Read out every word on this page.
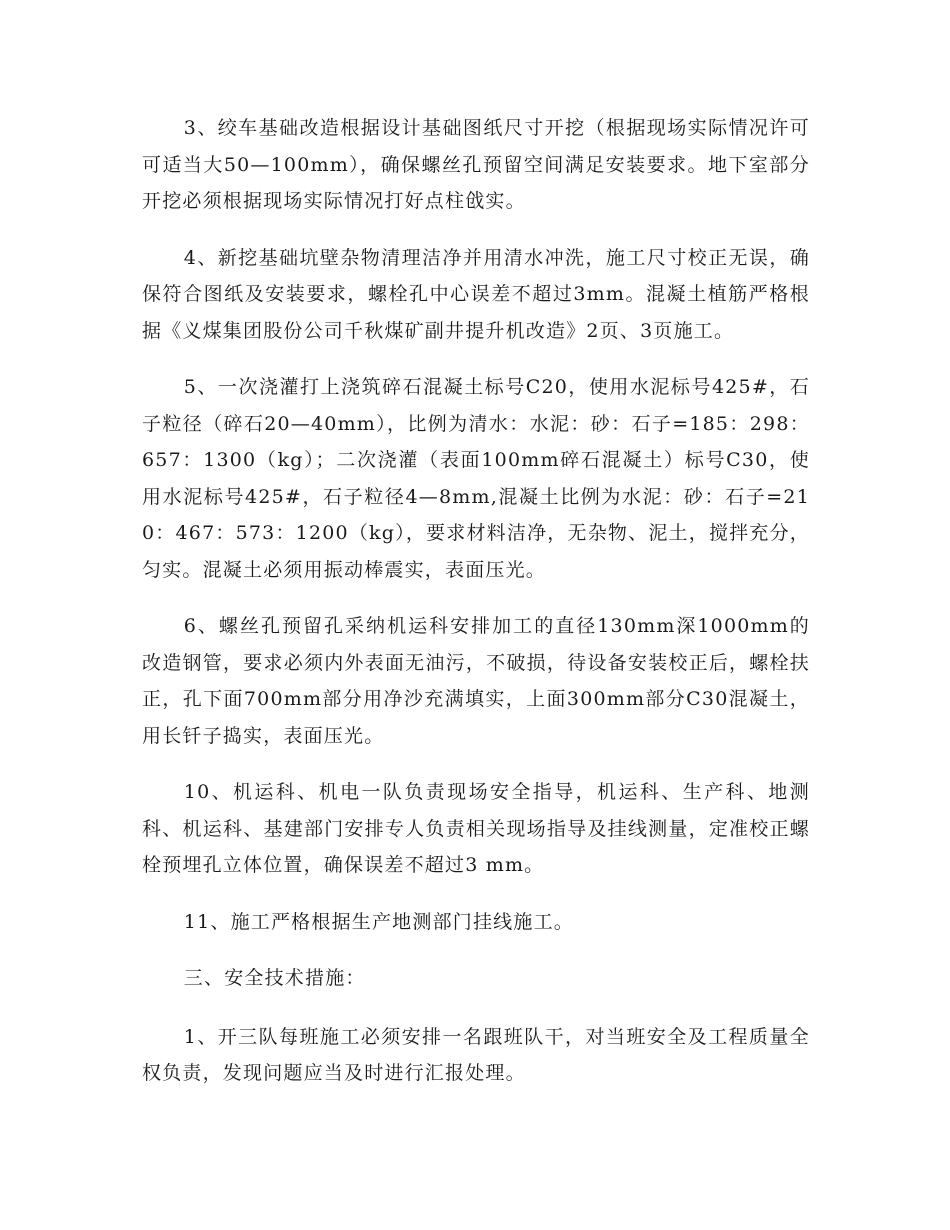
3、绞车基础改造根据设计基础图纸尺寸开挖（根据现场实际情况许可可适当大50—100mm），确保螺丝孔预留空间满足安装要求。地下室部分开挖必须根据现场实际情况打好点柱戗实。

4、新挖基础坑壁杂物清理洁净并用清水冲洗，施工尺寸校正无误，确保符合图纸及安装要求，螺栓孔中心误差不超过3mm。混凝土植筋严格根据《义煤集团股份公司千秋煤矿副井提升机改造》2页、3页施工。

5、一次浇灌打上浇筑碎石混凝土标号C20，使用水泥标号425#，石子粒径（碎石20—40mm），比例为清水：水泥：砂：石子=185：298：657：1300（kg）；二次浇灌（表面100mm碎石混凝土）标号C30，使用水泥标号425#，石子粒径4—8mm,混凝土比例为水泥：砂：石子=210：467：573：1200（kg），要求材料洁净，无杂物、泥土，搅拌充分，匀实。混凝土必须用振动棒震实，表面压光。

6、螺丝孔预留孔采纳机运科安排加工的直径130mm深1000mm的改造钢管，要求必须内外表面无油污，不破损，待设备安装校正后，螺栓扶正，孔下面700mm部分用净沙充满填实，上面300mm部分C30混凝土，用长钎子捣实，表面压光。

10、机运科、机电一队负责现场安全指导，机运科、生产科、地测科、机运科、基建部门安排专人负责相关现场指导及挂线测量，定准校正螺栓预埋孔立体位置，确保误差不超过3 mm。

11、施工严格根据生产地测部门挂线施工。

三、安全技术措施：

1、开三队每班施工必须安排一名跟班队干，对当班安全及工程质量全权负责，发现问题应当及时进行汇报处理。
